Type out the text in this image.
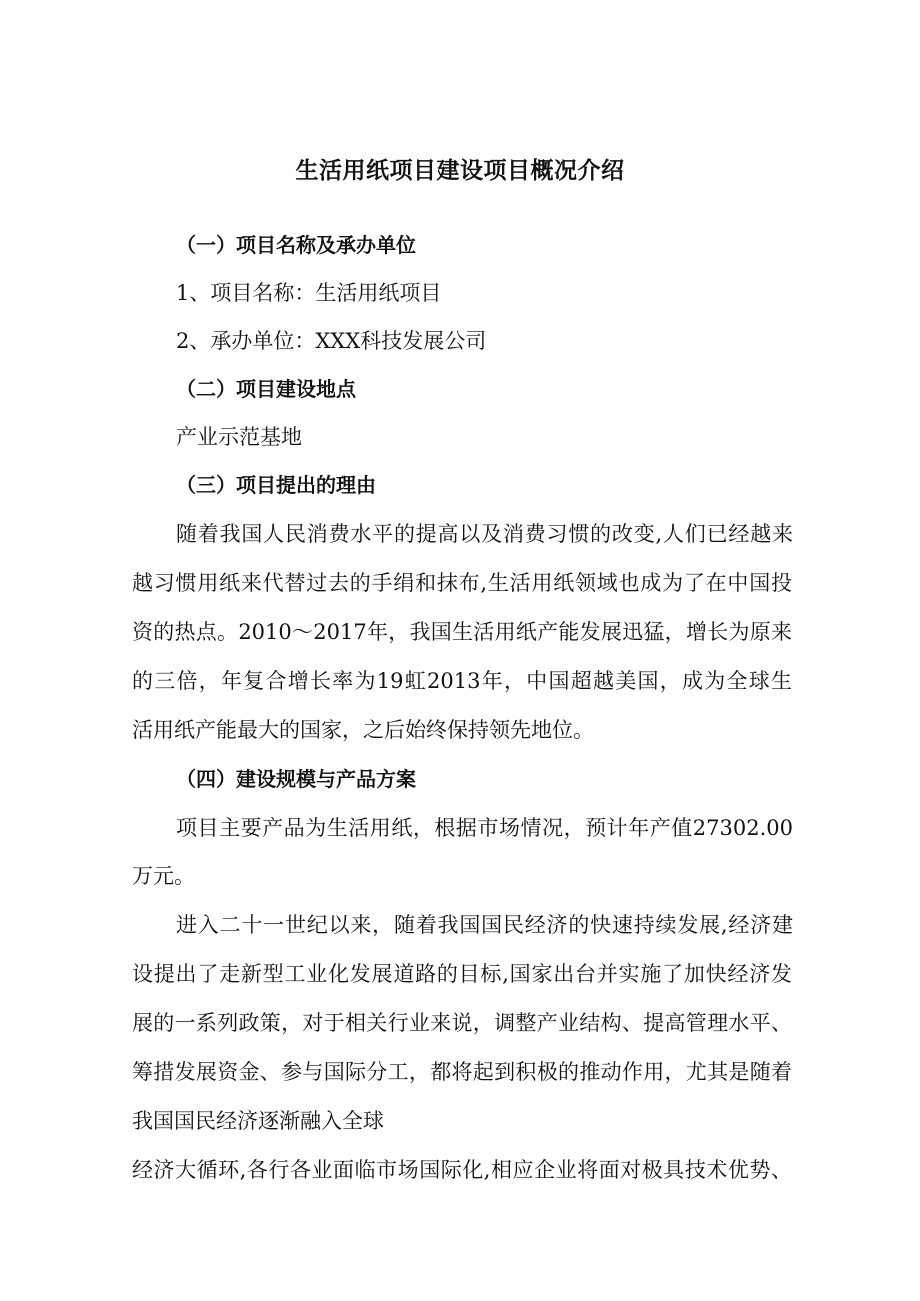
生活用纸项目建设项目概况介绍
（一）项目名称及承办单位
1、项目名称：生活用纸项目
2、承办单位：XXX科技发展公司
（二）项目建设地点
产业示范基地
（三）项目提出的理由
随着我国人民消费水平的提高以及消费习惯的改变,人们已经越来
越习惯用纸来代替过去的手绢和抹布,生活用纸领域也成为了在中国投
资的热点。2010～2017年，我国生活用纸产能发展迅猛，增长为原来
的三倍，年复合增长率为19虹2013年，中国超越美国，成为全球生
活用纸产能最大的国家，之后始终保持领先地位。
（四）建设规模与产品方案
项目主要产品为生活用纸，根据市场情况，预计年产值27302.00
万元。
进入二十一世纪以来，随着我国国民经济的快速持续发展,经济建
设提出了走新型工业化发展道路的目标,国家出台并实施了加快经济发
展的一系列政策，对于相关行业来说，调整产业结构、提高管理水平、
筹措发展资金、参与国际分工，都将起到积极的推动作用，尤其是随着
我国国民经济逐渐融入全球
经济大循环,各行各业面临市场国际化,相应企业将面对极具技术优势、
